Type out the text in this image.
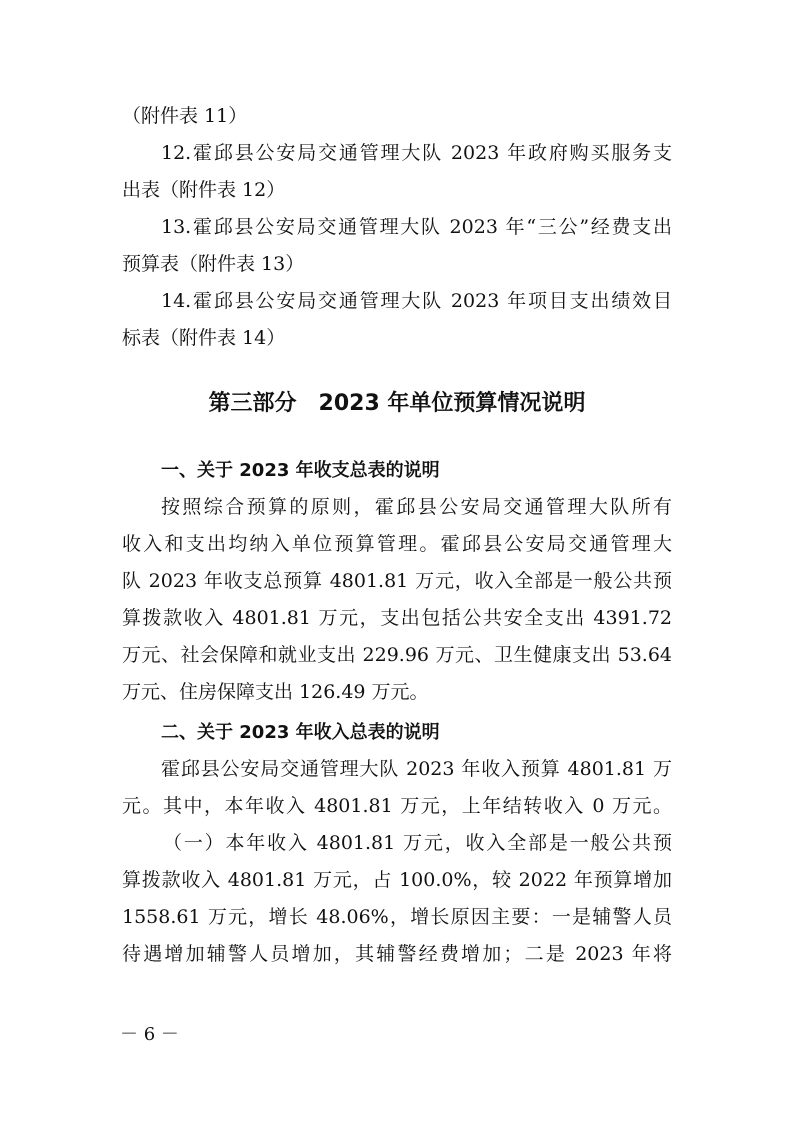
（附件表 11）
12.霍邱县公安局交通管理大队 2023 年政府购买服务支
出表（附件表 12）
13.霍邱县公安局交通管理大队 2023 年“三公”经费支出
预算表（附件表 13）
14.霍邱县公安局交通管理大队 2023 年项目支出绩效目
标表（附件表 14）
第三部分　2023 年单位预算情况说明
一、关于 2023 年收支总表的说明
按照综合预算的原则，霍邱县公安局交通管理大队所有
收入和支出均纳入单位预算管理。霍邱县公安局交通管理大
队 2023 年收支总预算 4801.81 万元，收入全部是一般公共预
算拨款收入 4801.81 万元，支出包括公共安全支出 4391.72
万元、社会保障和就业支出 229.96 万元、卫生健康支出 53.64
万元、住房保障支出 126.49 万元。
二、关于 2023 年收入总表的说明
霍邱县公安局交通管理大队 2023 年收入预算 4801.81 万
元。其中，本年收入 4801.81 万元，上年结转收入 0 万元。
（一）本年收入 4801.81 万元，收入全部是一般公共预
算拨款收入 4801.81 万元，占 100.0%，较 2022 年预算增加
1558.61 万元，增长 48.06%，增长原因主要：一是辅警人员
待遇增加辅警人员增加，其辅警经费增加；二是 2023 年将
－ 6 －
